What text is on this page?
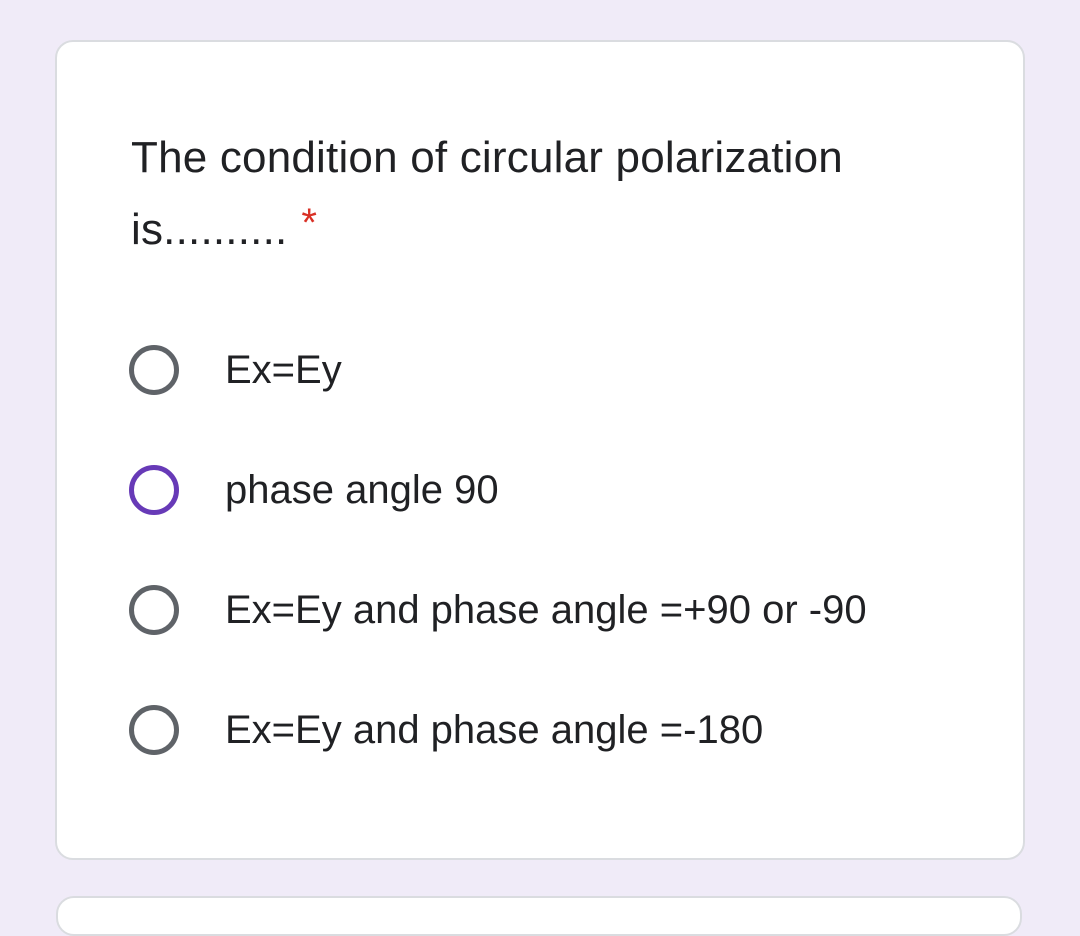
The condition of circular polarization is.......... *
Ex=Ey
phase angle 90
Ex=Ey and phase angle =+90 or -90
Ex=Ey and phase angle =-180
